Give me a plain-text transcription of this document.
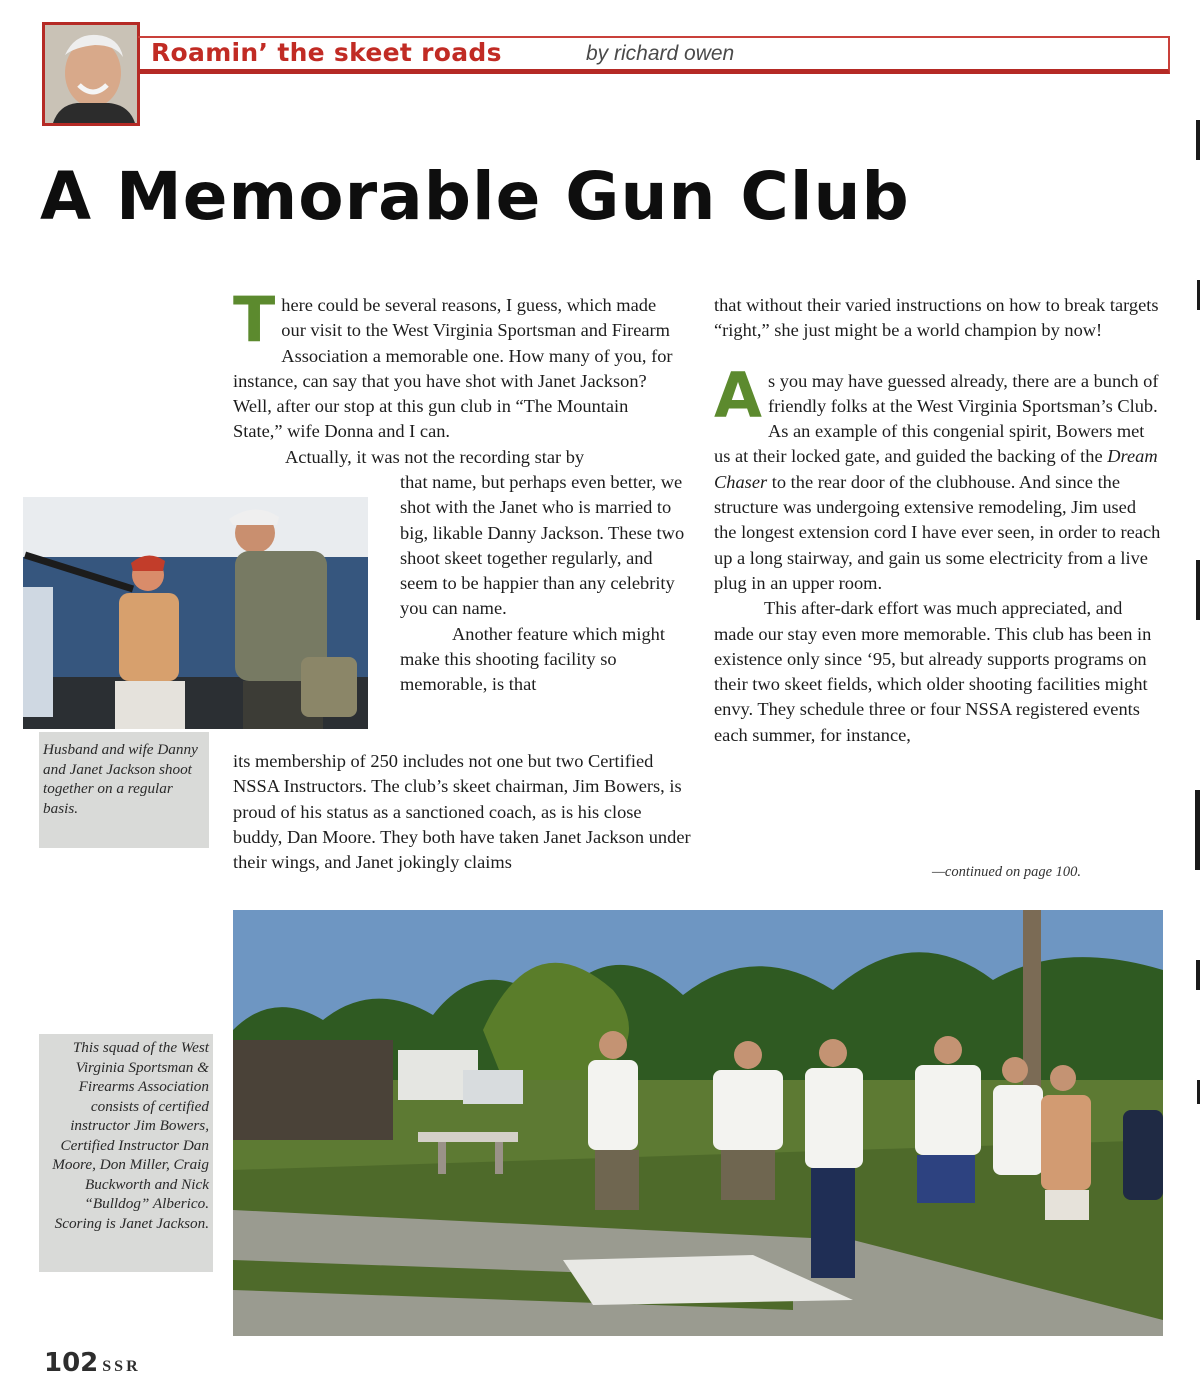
Roamin’ the skeet roads	by richard owen
A Memorable Gun Club

There could be several reasons, I guess, which made our visit to the West Virginia Sportsman and Firearm Association a memorable one. How many of you, for instance, can say that you have shot with Janet Jackson? Well, after our stop at this gun club in “The Mountain State,” wife Donna and I can.

Actually, it was not the recording star by

that name, but perhaps even better, we shot with the Janet who is married to big, likable Danny Jackson. These two shoot skeet together regularly, and seem to be happier than any celebrity you can name.

Another feature which might make this shooting facility so memorable, is that

its membership of 250 includes not one but two Certified NSSA Instructors. The club’s skeet chairman, Jim Bowers, is proud of his status as a sanctioned coach, as is his close buddy, Dan Moore. They both have taken Janet Jackson under their wings, and Janet jokingly claims

that without their varied instructions on how to break targets “right,” she just might be a world champion by now!

As you may have guessed already, there are a bunch of friendly folks at the West Virginia Sportsman’s Club. As an example of this congenial spirit, Bowers met us at their locked gate, and guided the backing of the Dream Chaser to the rear door of the clubhouse. And since the structure was undergoing extensive remodeling, Jim used the longest extension cord I have ever seen, in order to reach up a long stairway, and gain us some electricity from a live plug in an upper room.

This after-dark effort was much appreciated, and made our stay even more memorable. This club has been in existence only since ‘95, but already supports programs on their two skeet fields, which older shooting facilities might envy. They schedule three or four NSSA registered events each summer, for instance,

—continued on page 100.
Husband and wife Danny and Janet Jackson shoot together on a regular basis.
This squad of the West Virginia Sportsman & Firearms Association consists of certified instructor Jim Bowers, Certified Instructor Dan Moore, Don Miller, Craig Buckworth and Nick “Bulldog” Alberico. Scoring is Janet Jackson.
102 SSR
